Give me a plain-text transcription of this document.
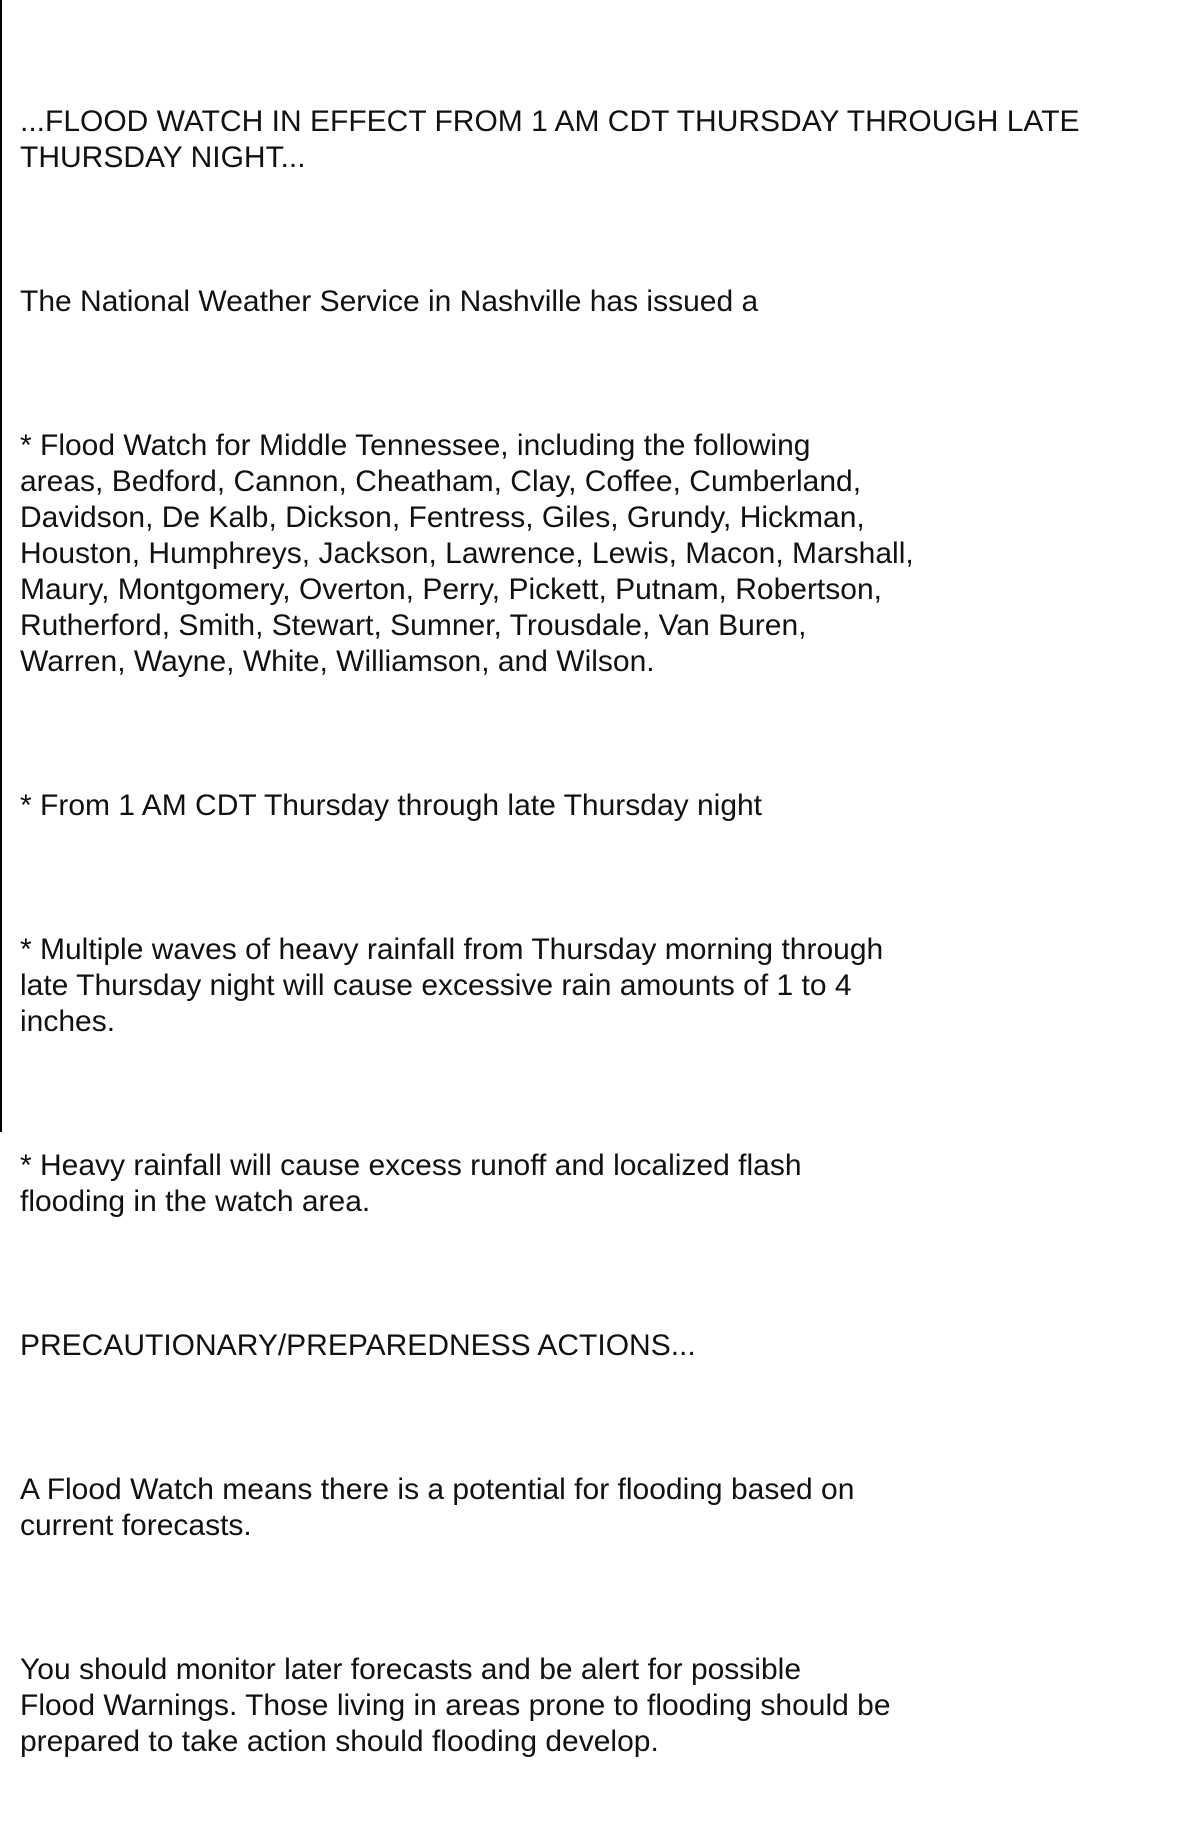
...FLOOD WATCH IN EFFECT FROM 1 AM CDT THURSDAY THROUGH LATE
THURSDAY NIGHT...

The National Weather Service in Nashville has issued a

* Flood Watch for Middle Tennessee, including the following
areas, Bedford, Cannon, Cheatham, Clay, Coffee, Cumberland,
Davidson, De Kalb, Dickson, Fentress, Giles, Grundy, Hickman,
Houston, Humphreys, Jackson, Lawrence, Lewis, Macon, Marshall,
Maury, Montgomery, Overton, Perry, Pickett, Putnam, Robertson,
Rutherford, Smith, Stewart, Sumner, Trousdale, Van Buren,
Warren, Wayne, White, Williamson, and Wilson.

* From 1 AM CDT Thursday through late Thursday night

* Multiple waves of heavy rainfall from Thursday morning through
late Thursday night will cause excessive rain amounts of 1 to 4
inches.

* Heavy rainfall will cause excess runoff and localized flash
flooding in the watch area.

PRECAUTIONARY/PREPAREDNESS ACTIONS...

A Flood Watch means there is a potential for flooding based on
current forecasts.

You should monitor later forecasts and be alert for possible
Flood Warnings. Those living in areas prone to flooding should be
prepared to take action should flooding develop.
